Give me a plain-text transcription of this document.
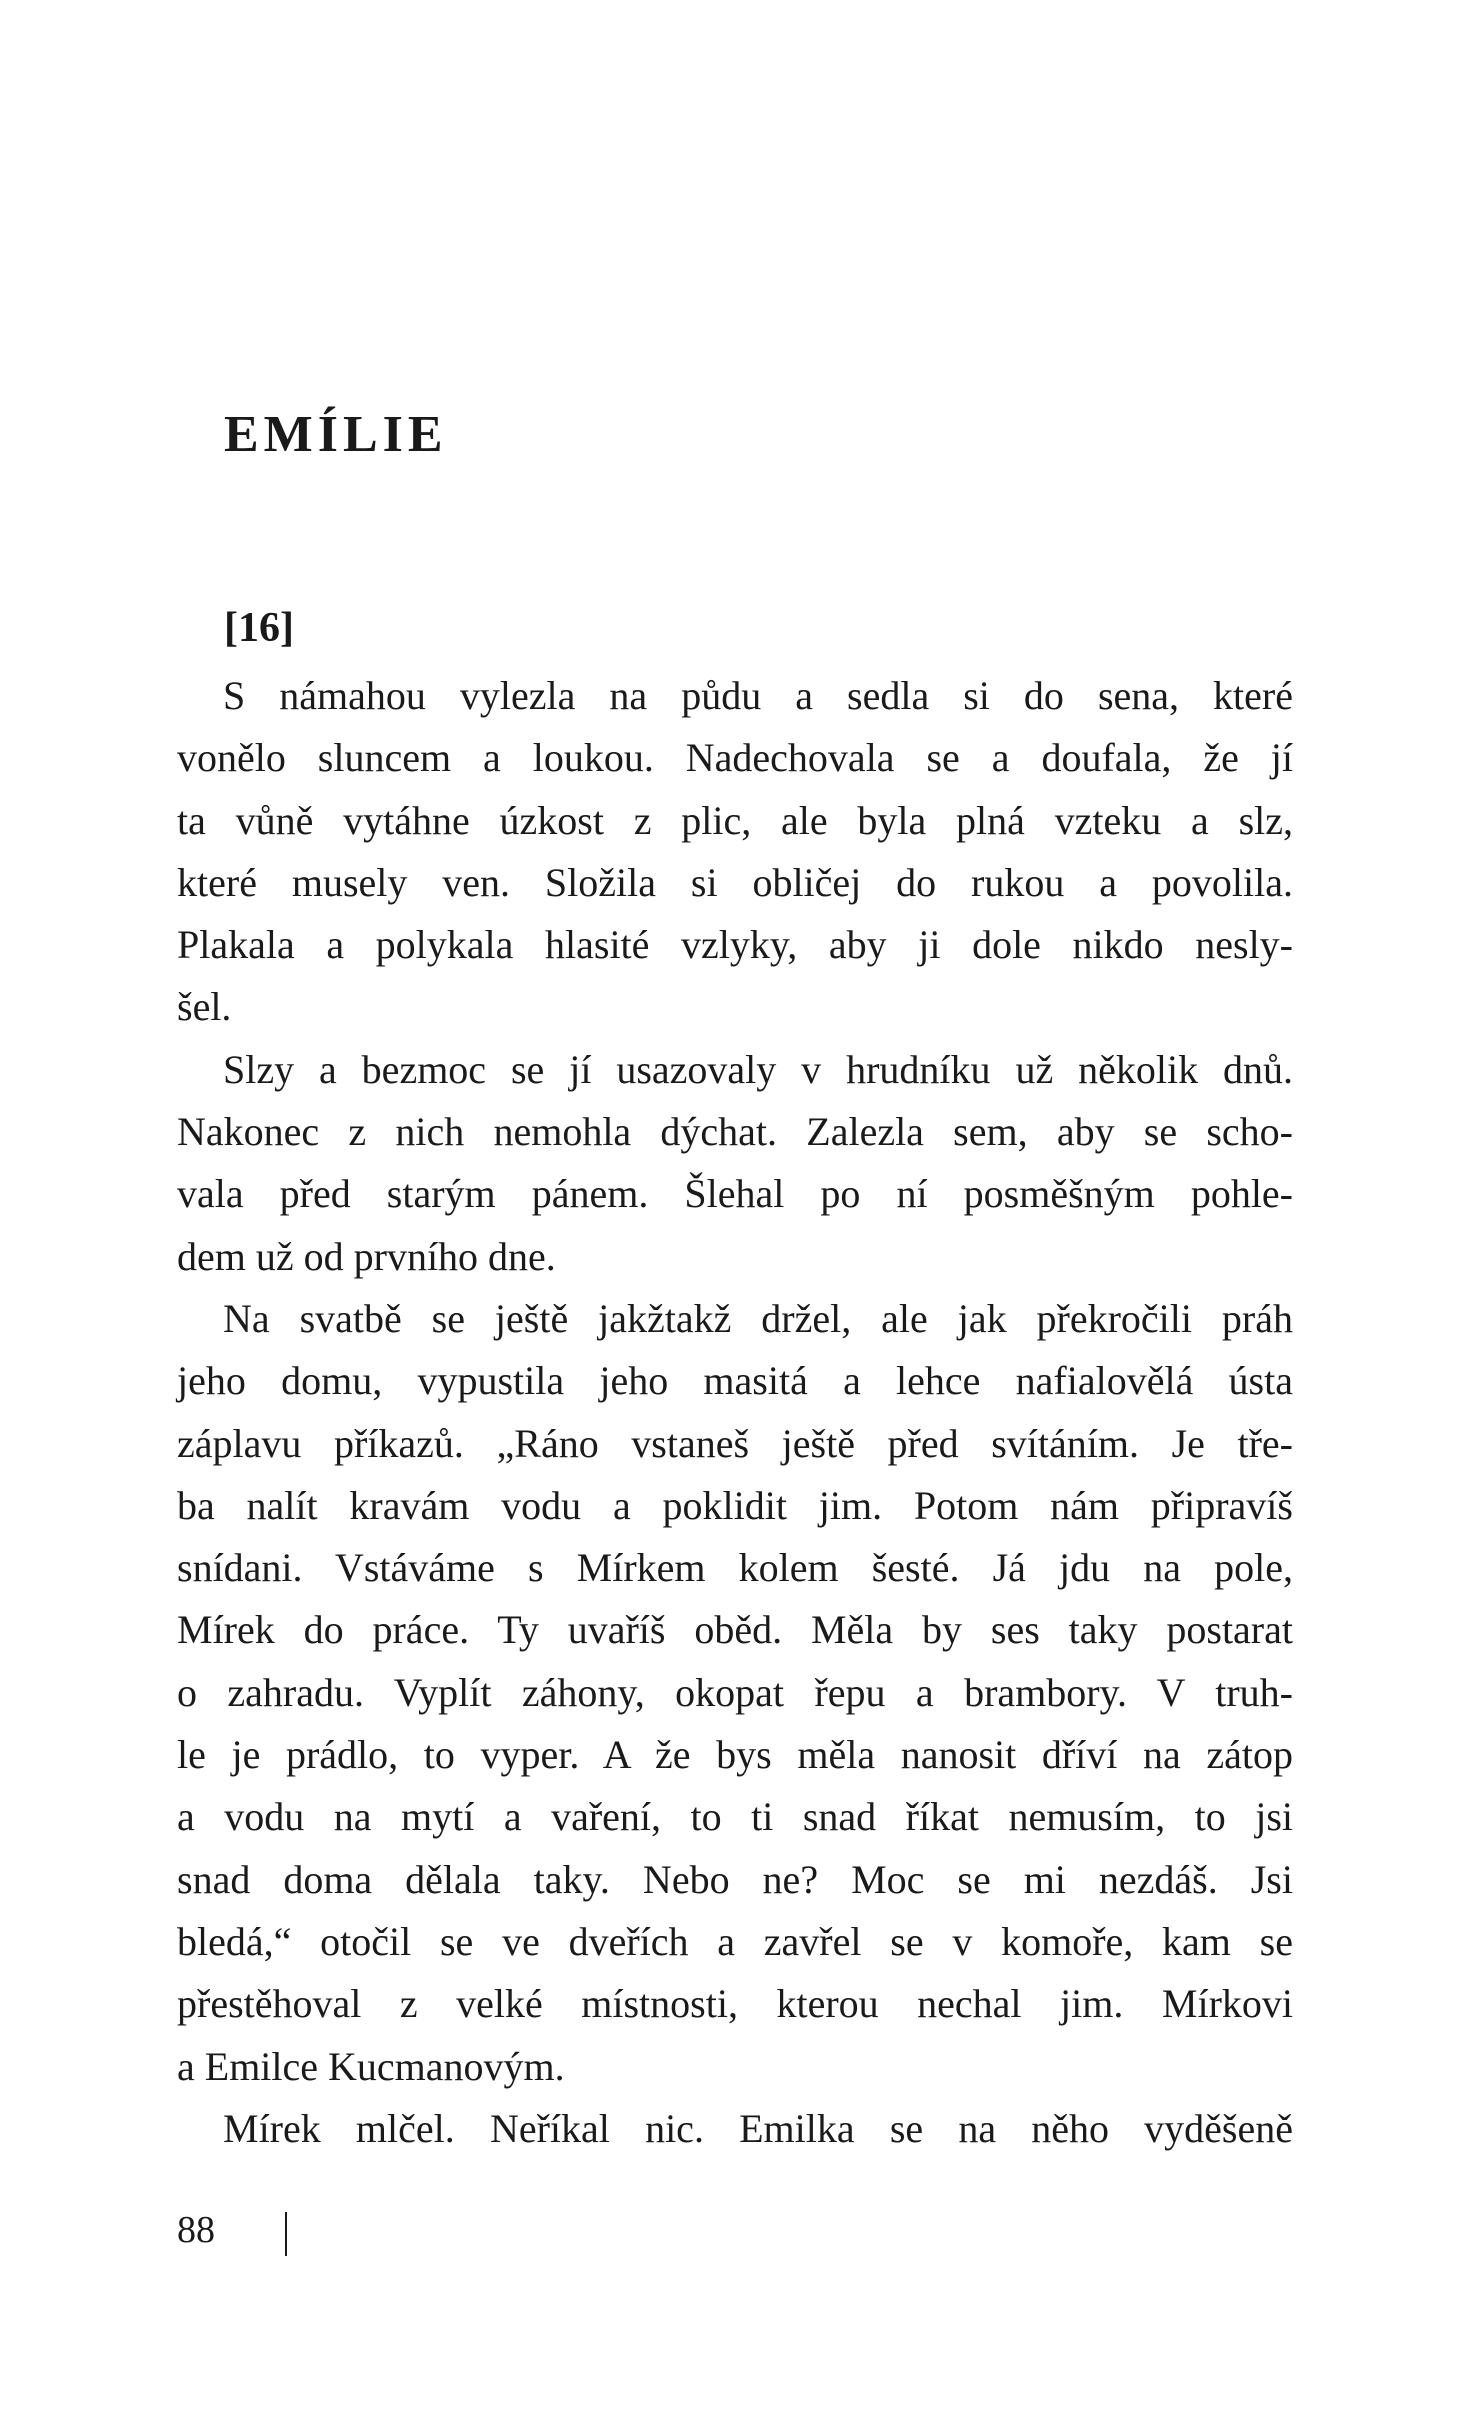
EMÍLIE
[16]
S námahou vylezla na půdu a sedla si do sena, které
vonělo sluncem a loukou. Nadechovala se a doufala, že jí
ta vůně vytáhne úzkost z plic, ale byla plná vzteku a slz,
které musely ven. Složila si obličej do rukou a povolila.
Plakala a polykala hlasité vzlyky, aby ji dole nikdo nesly-
šel.
Slzy a bezmoc se jí usazovaly v hrudníku už několik dnů.
Nakonec z nich nemohla dýchat. Zalezla sem, aby se scho-
vala před starým pánem. Šlehal po ní posměšným pohle-
dem už od prvního dne.
Na svatbě se ještě jakžtakž držel, ale jak překročili práh
jeho domu, vypustila jeho masitá a lehce nafialovělá ústa
záplavu příkazů. „Ráno vstaneš ještě před svítáním. Je tře-
ba nalít kravám vodu a poklidit jim. Potom nám připravíš
snídani. Vstáváme s Mírkem kolem šesté. Já jdu na pole,
Mírek do práce. Ty uvaříš oběd. Měla by ses taky postarat
o zahradu. Vyplít záhony, okopat řepu a brambory. V truh-
le je prádlo, to vyper. A že bys měla nanosit dříví na zátop
a vodu na mytí a vaření, to ti snad říkat nemusím, to jsi
snad doma dělala taky. Nebo ne? Moc se mi nezdáš. Jsi
bledá,“ otočil se ve dveřích a zavřel se v komoře, kam se
přestěhoval z velké místnosti, kterou nechal jim. Mírkovi
a Emilce Kucmanovým.
Mírek mlčel. Neříkal nic. Emilka se na něho vyděšeně
88
